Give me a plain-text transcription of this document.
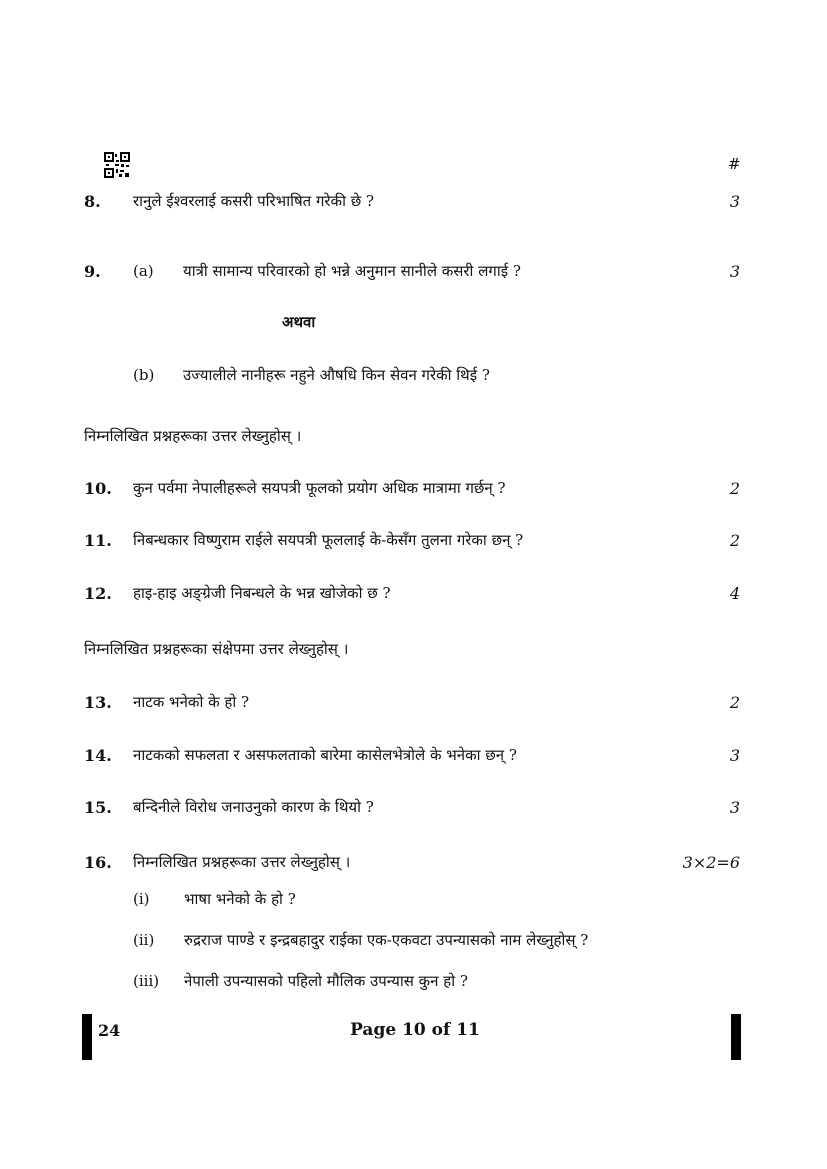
#
8. रानुले ईश्वरलाई कसरी परिभाषित गरेकी छे ?	3
9. (a) यात्री सामान्य परिवारको हो भन्ने अनुमान सानीले कसरी लगाई ?	3
अथवा
(b) उज्यालीले नानीहरू नहुने औषधि किन सेवन गरेकी थिई ?
निम्नलिखित प्रश्नहरूका उत्तर लेख्नुहोस् ।
10. कुन पर्वमा नेपालीहरूले सयपत्री फूलको प्रयोग अधिक मात्रामा गर्छन् ?	2
11. निबन्धकार विष्णुराम राईले सयपत्री फूललाई के-केसँग तुलना गरेका छन् ?	2
12. हाइ-हाइ अङ्ग्रेजी निबन्धले के भन्न खोजेको छ ?	4
निम्नलिखित प्रश्नहरूका संक्षेपमा उत्तर लेख्नुहोस् ।
13. नाटक भनेको के हो ?	2
14. नाटकको सफलता र असफलताको बारेमा कासेलभेत्रोले के भनेका छन् ?	3
15. बन्दिनीले विरोध जनाउनुको कारण के थियो ?	3
16. निम्नलिखित प्रश्नहरूका उत्तर लेख्नुहोस् ।	3×2=6
(i) भाषा भनेको के हो ?
(ii) रुद्रराज पाण्डे र इन्द्रबहादुर राईका एक-एकवटा उपन्यासको नाम लेख्नुहोस् ?
(iii) नेपाली उपन्यासको पहिलो मौलिक उपन्यास कुन हो ?
24	Page 10 of 11
